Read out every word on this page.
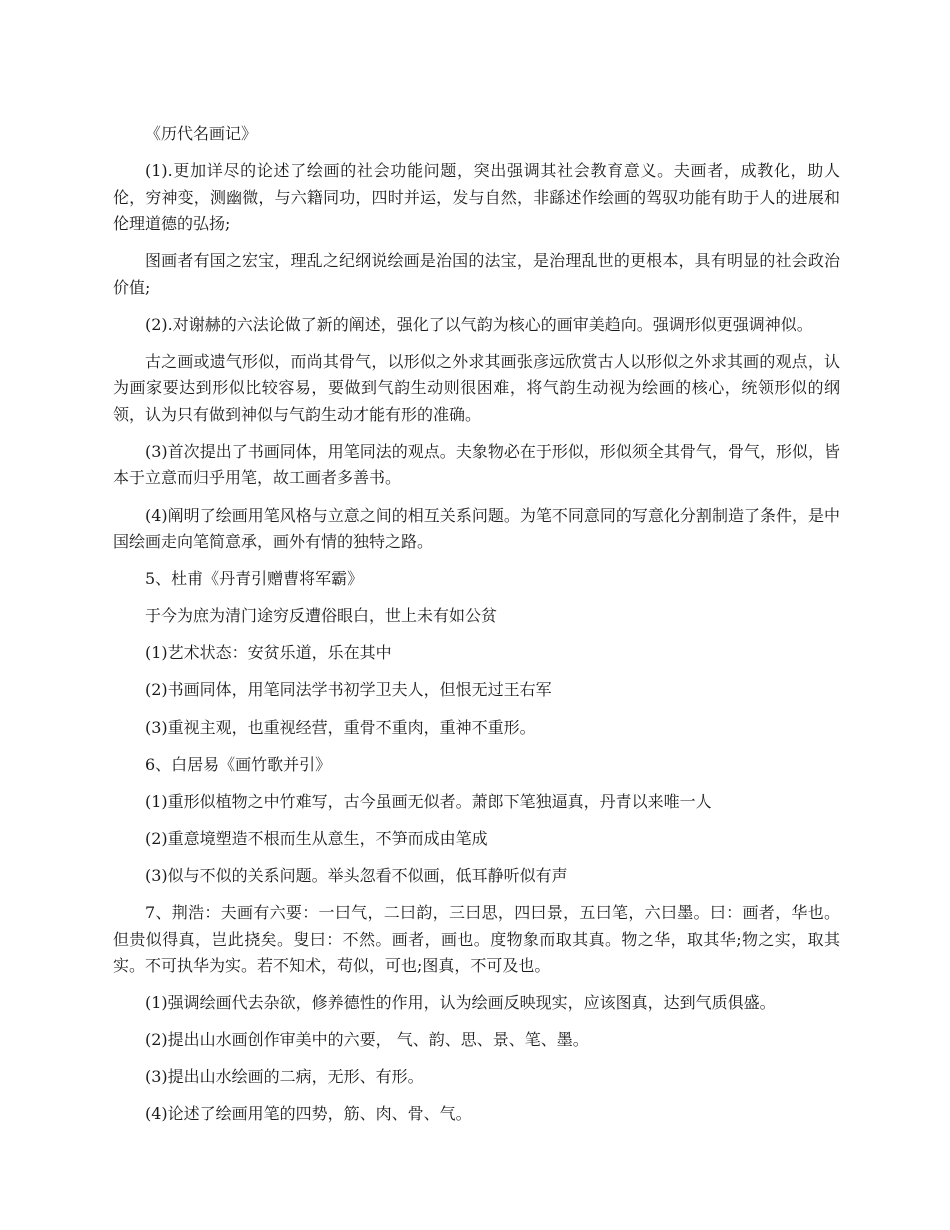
《历代名画记》

(1).更加详尽的论述了绘画的社会功能问题，突出强调其社会教育意义。夫画者，成教化，助人伦，穷神变，测幽微，与六籍同功，四时并运，发与自然，非繇述作绘画的驾驭功能有助于人的进展和伦理道德的弘扬;

图画者有国之宏宝，理乱之纪纲说绘画是治国的法宝，是治理乱世的更根本，具有明显的社会政治价值;

(2).对谢赫的六法论做了新的阐述，强化了以气韵为核心的画审美趋向。强调形似更强调神似。

古之画或遗气形似，而尚其骨气，以形似之外求其画张彦远欣赏古人以形似之外求其画的观点，认为画家要达到形似比较容易，要做到气韵生动则很困难，将气韵生动视为绘画的核心，统领形似的纲领，认为只有做到神似与气韵生动才能有形的准确。

(3)首次提出了书画同体，用笔同法的观点。夫象物必在于形似，形似须全其骨气，骨气，形似，皆本于立意而归乎用笔，故工画者多善书。

(4)阐明了绘画用笔风格与立意之间的相互关系问题。为笔不同意同的写意化分割制造了条件，是中国绘画走向笔简意承，画外有情的独特之路。

5、杜甫《丹青引赠曹将军霸》

于今为庶为清门途穷反遭俗眼白，世上未有如公贫

(1)艺术状态：安贫乐道，乐在其中

(2)书画同体，用笔同法学书初学卫夫人，但恨无过王右军

(3)重视主观，也重视经营，重骨不重肉，重神不重形。

6、白居易《画竹歌并引》

(1)重形似植物之中竹难写，古今虽画无似者。萧郎下笔独逼真，丹青以来唯一人

(2)重意境塑造不根而生从意生，不笋而成由笔成

(3)似与不似的关系问题。举头忽看不似画，低耳静听似有声

7、荆浩：夫画有六要：一曰气，二曰韵，三曰思，四曰景，五曰笔，六曰墨。曰：画者，华也。但贵似得真，岂此挠矣。叟曰：不然。画者，画也。度物象而取其真。物之华，取其华;物之实，取其实。不可执华为实。若不知术，苟似，可也;图真，不可及也。

(1)强调绘画代去杂欲，修养德性的作用，认为绘画反映现实，应该图真，达到气质俱盛。

(2)提出山水画创作审美中的六要， 气、韵、思、景、笔、墨。

(3)提出山水绘画的二病，无形、有形。

(4)论述了绘画用笔的四势，筋、肉、骨、气。
